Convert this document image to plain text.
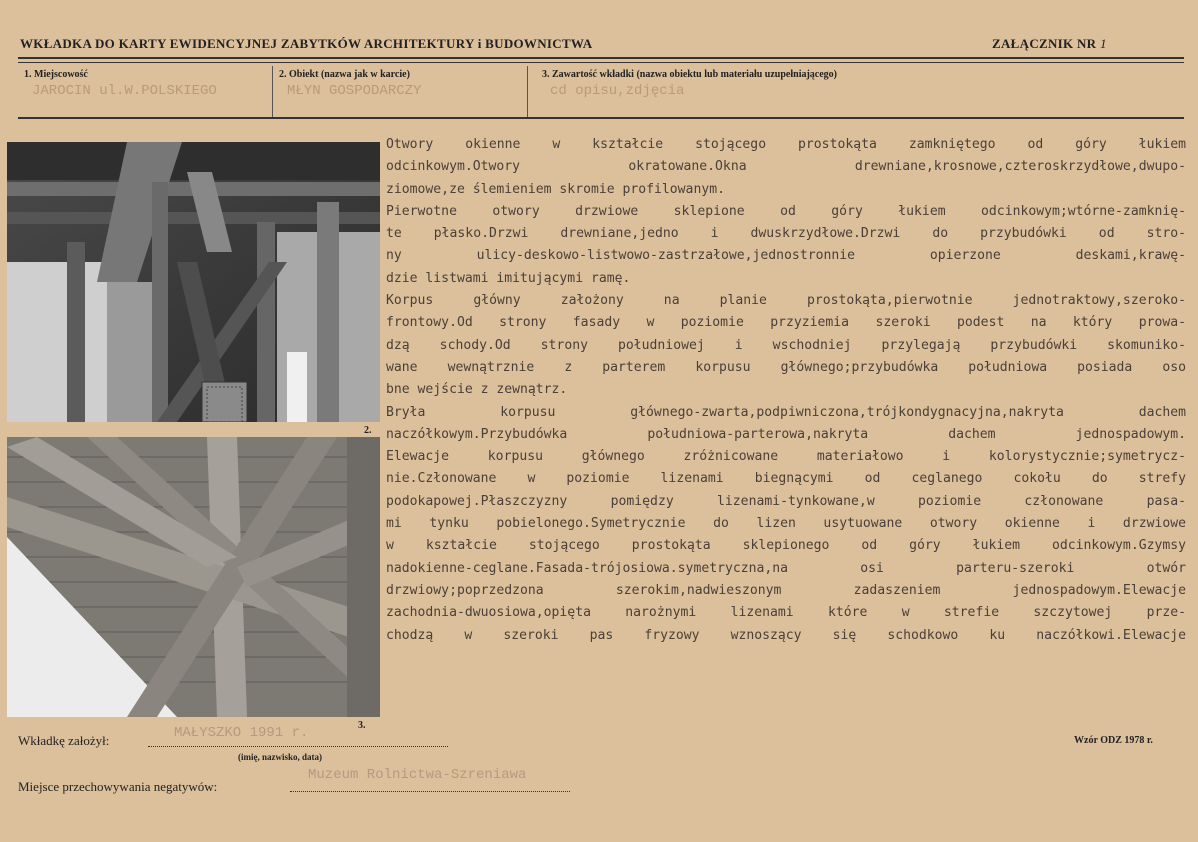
WKŁADKA DO KARTY EWIDENCYJNEJ ZABYTKÓW ARCHITEKTURY i BUDOWNICTWA	ZAŁĄCZNIK NR 1
1. Miejscowość
JAROCIN ul.W.POLSKIEGO
2. Obiekt (nazwa jak w karcie)
MŁYN GOSPODARCZY
3. Zawartość wkładki (nazwa obiektu lub materiału uzupełniającego)
cd opisu,zdjęcia
2.
3.
Otwory okienne w kształcie stojącego prostokąta zamkniętego od góry łukiem
odcinkowym.Otwory okratowane.Okna drewniane,krosnowe,czteroskrzydłowe,dwupo-
ziomowe,ze ślemieniem skromie profilowanym.
Pierwotne otwory drzwiowe sklepione od góry łukiem odcinkowym;wtórne-zamknię-
te płasko.Drzwi drewniane,jedno i dwuskrzydłowe.Drzwi do przybudówki od stro-
ny ulicy-deskowo-listwowo-zastrzałowe,jednostronnie opierzone deskami,krawę-
dzie listwami imitującymi ramę.
Korpus główny założony na planie prostokąta,pierwotnie jednotraktowy,szeroko-
frontowy.Od strony fasady w poziomie przyziemia szeroki podest na który prowa-
dzą schody.Od strony południowej i wschodniej przylegają przybudówki skomuniko-
wane wewnątrznie z parterem korpusu głównego;przybudówka południowa posiada oso
bne wejście z zewnątrz.
Bryła korpusu głównego-zwarta,podpiwniczona,trójkondygnacyjna,nakryta dachem
naczółkowym.Przybudówka południowa-parterowa,nakryta dachem jednospadowym.
Elewacje korpusu głównego zróżnicowane materiałowo i kolorystycznie;symetrycz-
nie.Członowane w poziomie lizenami biegnącymi od ceglanego cokołu do strefy
podokapowej.Płaszczyzny pomiędzy lizenami-tynkowane,w poziomie członowane pasa-
mi tynku pobielonego.Symetrycznie do lizen usytuowane otwory okienne i drzwiowe
w kształcie stojącego prostokąta sklepionego od góry łukiem odcinkowym.Gzymsy
nadokienne-ceglane.Fasada-trójosiowa.symetryczna,na osi parteru-szeroki otwór
drzwiowy;poprzedzona szerokim,nadwieszonym zadaszeniem jednospadowym.Elewacje
zachodnia-dwuosiowa,opięta narożnymi lizenami które w strefie szczytowej prze-
chodzą w szeroki pas fryzowy wznoszący się schodkowo ku naczółkowi.Elewacje
Wkładkę założył:	MAŁYSZKO 1991 r.
(imię, nazwisko, data)
Wzór ODZ 1978 r.
Miejsce przechowywania negatywów:
Muzeum Rolnictwa-Szreniawa
